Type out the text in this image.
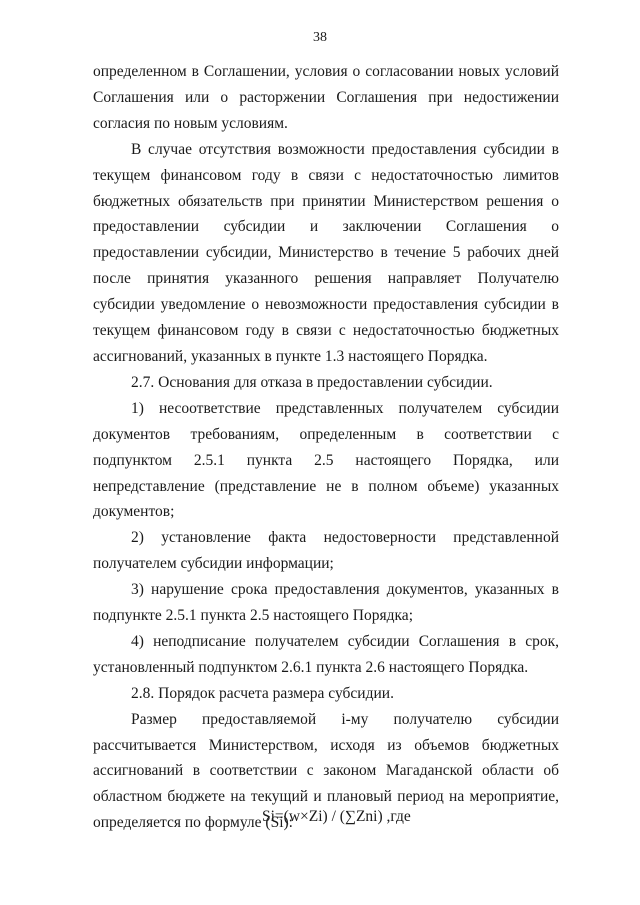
38

определенном в Соглашении, условия о согласовании новых условий Соглашения или о расторжении Соглашения при недостижении согласия по новым условиям.

В случае отсутствия возможности предоставления субсидии в текущем финансовом году в связи с недостаточностью лимитов бюджетных обязательств при принятии Министерством решения о предоставлении субсидии и заключении Соглашения о предоставлении субсидии, Министерство в течение 5 рабочих дней после принятия указанного решения направляет Получателю субсидии уведомление о невозможности предоставления субсидии в текущем финансовом году в связи с недостаточностью бюджетных ассигнований, указанных в пункте 1.3 настоящего Порядка.

2.7. Основания для отказа в предоставлении субсидии.

1) несоответствие представленных получателем субсидии документов требованиям, определенным в соответствии с подпунктом 2.5.1 пункта 2.5 настоящего Порядка, или непредставление (представление не в полном объеме) указанных документов;

2) установление факта недостоверности представленной получателем субсидии информации;

3) нарушение срока предоставления документов, указанных в подпункте 2.5.1 пункта 2.5 настоящего Порядка;

4) неподписание получателем субсидии Соглашения в срок, установленный подпунктом 2.6.1 пункта 2.6 настоящего Порядка.

2.8. Порядок расчета размера субсидии.

Размер предоставляемой i-му получателю субсидии рассчитывается Министерством, исходя из объемов бюджетных ассигнований в соответствии с законом Магаданской области об областном бюджете на текущий и плановый период на мероприятие, определяется по формуле (Si):

Si=(w×Zi) / (∑Zni) ,где
